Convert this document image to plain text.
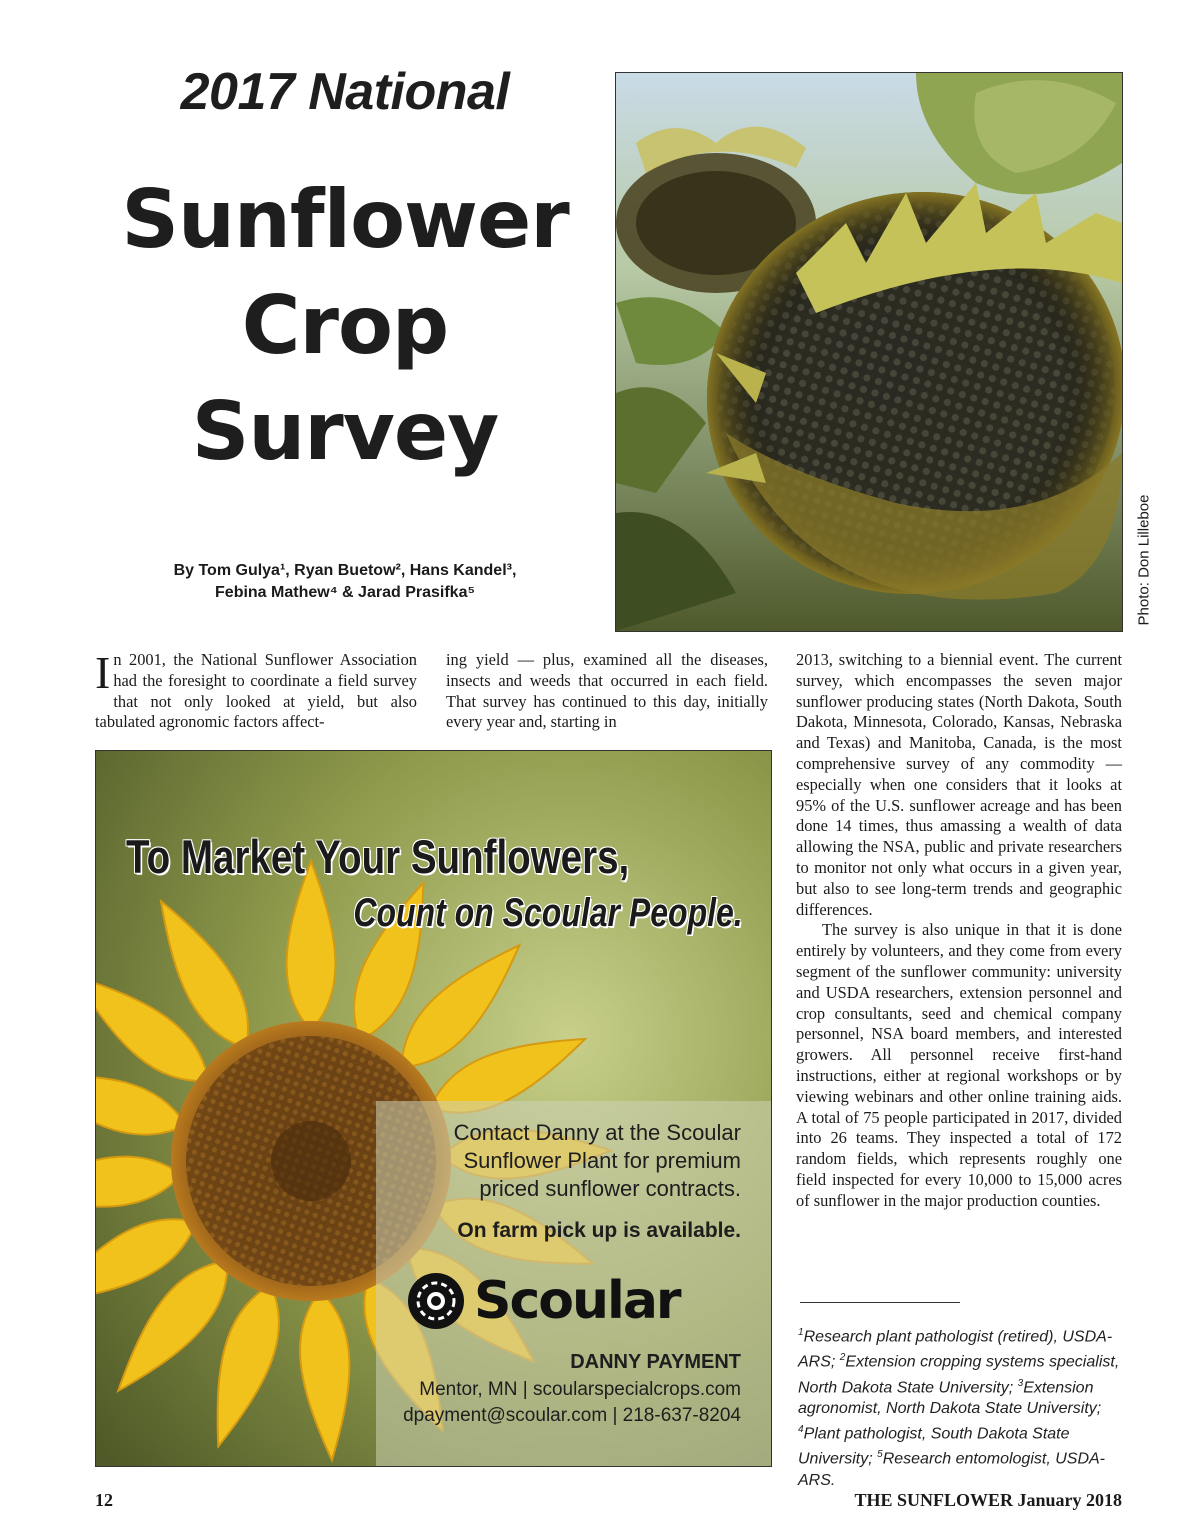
2017 National
Sunflower
Crop
Survey
By Tom Gulya¹, Ryan Buetow², Hans Kandel³,
Febina Mathew⁴ & Jarad Prasifka⁵	Photo: Don Lilleboe

In 2001, the National Sunflower Association had the foresight to coordinate a field survey that not only looked at yield, but also tabulated agronomic factors affect-

ing yield — plus, examined all the diseases, insects and weeds that occurred in each field. That survey has continued to this day, initially every year and, starting in

2013, switching to a biennial event. The current survey, which encompasses the seven major sunflower producing states (North Dakota, South Dakota, Minnesota, Colorado, Kansas, Nebraska and Texas) and Manitoba, Canada, is the most comprehensive survey of any commodity — especially when one considers that it looks at 95% of the U.S. sunflower acreage and has been done 14 times, thus amassing a wealth of data allowing the NSA, public and private researchers to monitor not only what occurs in a given year, but also to see long-term trends and geographic differences.

The survey is also unique in that it is done entirely by volunteers, and they come from every segment of the sunflower community: university and USDA researchers, extension personnel and crop consultants, seed and chemical company personnel, NSA board members, and interested growers. All personnel receive first-hand instructions, either at regional workshops or by viewing webinars and other online training aids. A total of 75 people participated in 2017, divided into 26 teams. They inspected a total of 172 random fields, which represents roughly one field inspected for every 10,000 to 15,000 acres of sunflower in the major production counties.

$^1$Research plant pathologist (retired), USDA-ARS; $^2$Extension cropping systems specialist, North Dakota State University; $^3$Extension agronomist, North Dakota State University; $^4$Plant pathologist, South Dakota State University; $^5$Research entomologist, USDA-ARS.
To Market Your Sunflowers,
Count on Scoular People.
Contact Danny at the Scoular
Sunflower Plant for premium
priced sunflower contracts.
On farm pick up is available.
Scoular
DANNY PAYMENT
Mentor, MN | scoularspecialcrops.com
dpayment@scoular.com | 218-637-8204
12	THE SUNFLOWER January 2018
